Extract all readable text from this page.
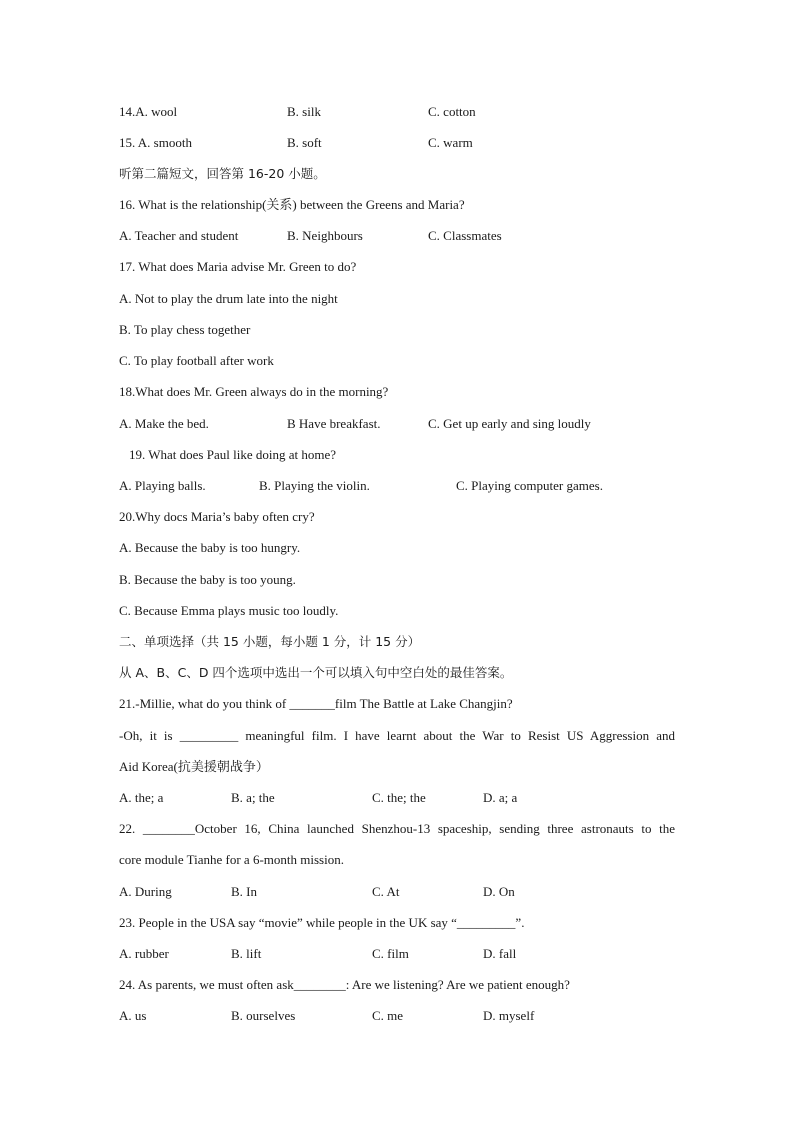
14.A. wool	B. silk	C. cotton
15. A. smooth	B. soft	C. warm
听第二篇短文，回答第 16-20 小题。
16. What is the relationship(关系) between the Greens and Maria?
A. Teacher and student	B. Neighbours	C. Classmates
17. What does Maria advise Mr. Green to do?
A. Not to play the drum late into the night
B. To play chess together
C. To play football after work
18.What does Mr. Green always do in the morning?
A. Make the bed.	B Have breakfast.	C. Get up early and sing loudly
19. What does Paul like doing at home?
A. Playing balls.	B. Playing the violin.	C. Playing computer games.
20.Why docs Maria’s baby often cry?
A. Because the baby is too hungry.
B. Because the baby is too young.
C. Because Emma plays music too loudly.
二、单项选择（共 15 小题，每小题 1 分，计 15 分）
从 A、B、C、D 四个选项中选出一个可以填入句中空白处的最佳答案。
21.-Millie, what do you think of _______film The Battle at Lake Changjin?
-Oh, it is _________ meaningful film. I have learnt about the War to Resist US Aggression and
Aid Korea(抗美援朝战争）
A. the; a	B. a; the	C. the; the	D. a; a
22. ________October 16, China launched Shenzhou-13 spaceship, sending three astronauts to the
core module Tianhe for a 6-month mission.
A. During	B. In	C. At	D. On
23. People in the USA say “movie” while people in the UK say “_________”.
A. rubber	B. lift	C. film	D. fall
24. As parents, we must often ask________: Are we listening? Are we patient enough?
A. us	B. ourselves	C. me	D. myself
